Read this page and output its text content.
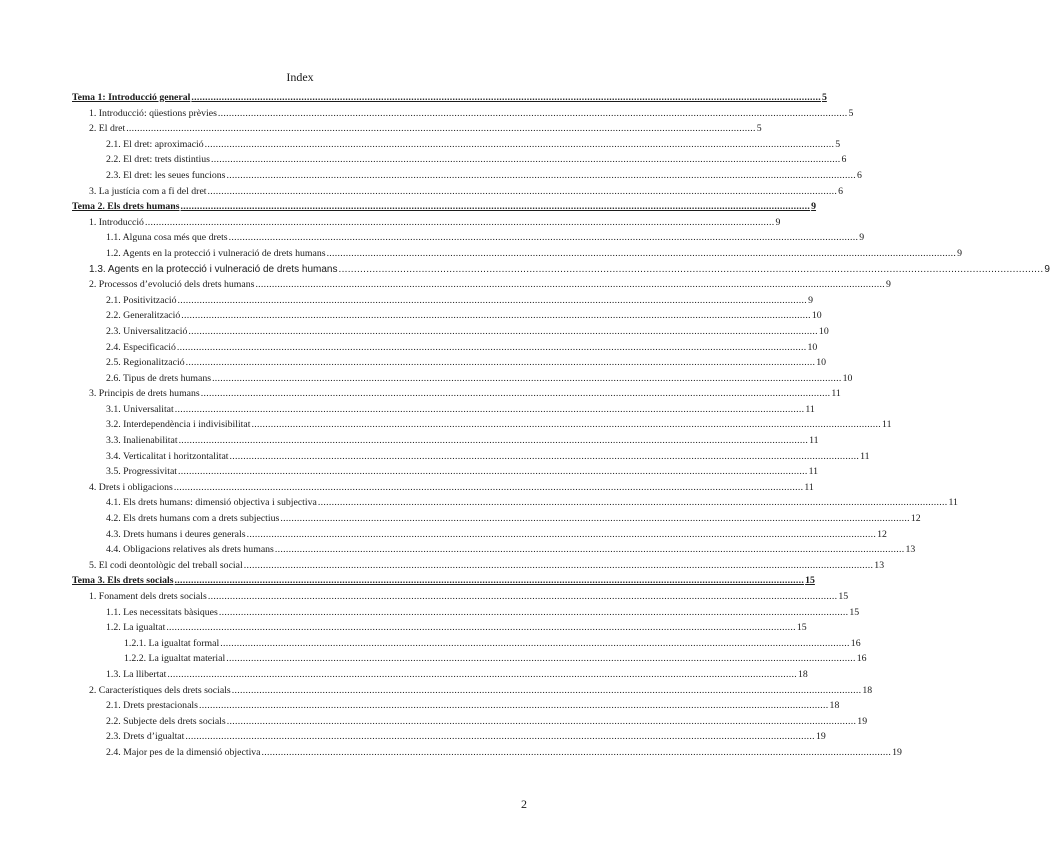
Index
Tema 1: Introducció general .....	5
1. Introducció: qüestions prèvies .....	5
2. El dret .....	5
2.1. El dret: aproximació .....	5
2.2. El dret: trets distintius .....	6
2.3. El dret: les seues funcions .....	6
3. La justícia com a fi del dret .....	6
Tema 2. Els drets humans .....	9
1. Introducció .....	9
1.1. Alguna cosa més que drets .....	9
1.2. Agents en la protecció i vulneració de drets humans .....	9
1.3. Agents en la protecció i vulneració de drets humans .....	9
2. Processos d’evolució dels drets humans .....	9
2.1. Positivització .....	9
2.2. Generalització .....	10
2.3. Universalització .....	10
2.4. Especificació .....	10
2.5. Regionalització .....	10
2.6. Tipus de drets humans .....	10
3. Principis de drets humans .....	11
3.1. Universalitat .....	11
3.2. Interdependència i indivisibilitat .....	11
3.3. Inalienabilitat .....	11
3.4. Verticalitat i horitzontalitat .....	11
3.5. Progressivitat .....	11
4. Drets i obligacions .....	11
4.1. Els drets humans: dimensió objectiva i subjectiva .....	11
4.2. Els drets humans com a drets subjectius .....	12
4.3. Drets humans i deures generals .....	12
4.4. Obligacions relatives als drets humans .....	13
5. El codi deontològic del treball social .....	13
Tema 3. Els drets socials .....	15
1. Fonament dels drets socials .....	15
1.1. Les necessitats bàsiques .....	15
1.2. La igualtat .....	15
1.2.1. La igualtat formal .....	16
1.2.2. La igualtat material .....	16
1.3. La llibertat .....	18
2. Característiques dels drets socials .....	18
2.1. Drets prestacionals .....	18
2.2. Subjecte dels drets socials .....	19
2.3. Drets d’igualtat .....	19
2.4. Major pes de la dimensió objectiva .....	19
2
